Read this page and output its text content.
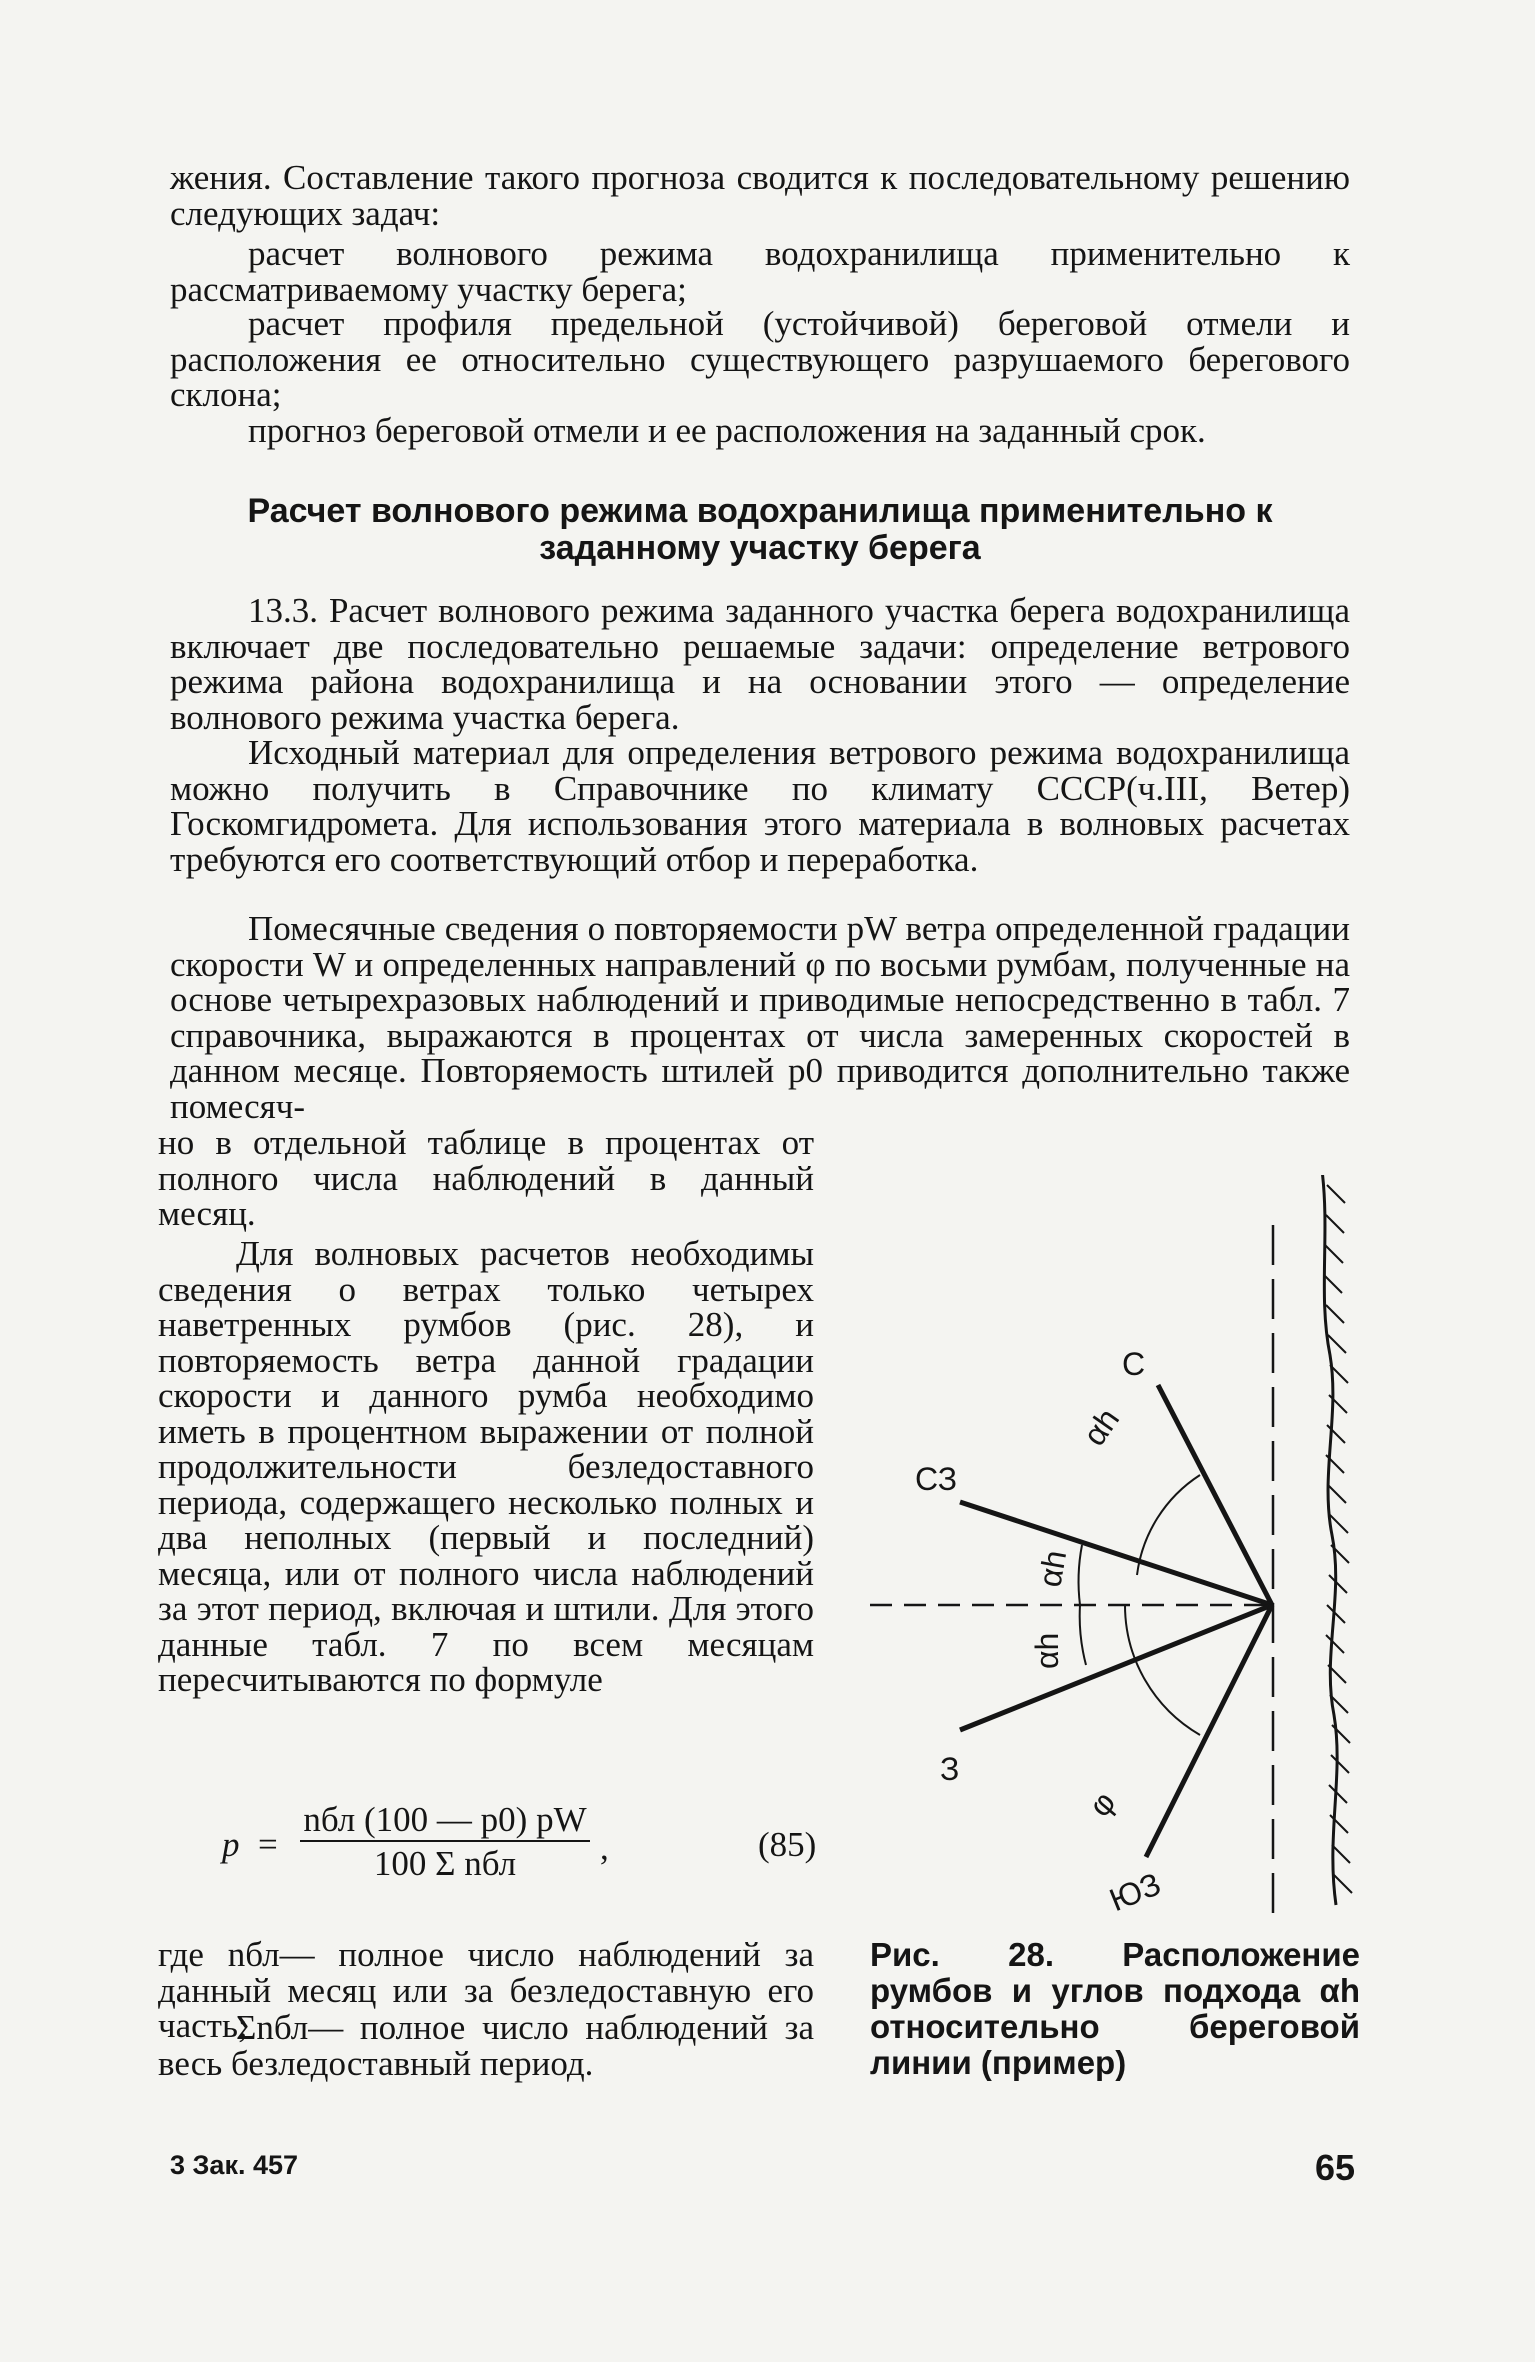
жения. Составление такого прогноза сводится к последовательному решению следующих задач:
расчет волнового режима водохранилища применительно к рассматриваемому участку берега;
расчет профиля предельной (устойчивой) береговой отмели и расположения ее относительно существующего разрушаемого берегового склона;
прогноз береговой отмели и ее расположения на заданный срок.
Расчет волнового режима водохранилища применительно к заданному участку берега
13.3. Расчет волнового режима заданного участка берега водохранилища включает две последовательно решаемые задачи: определение ветрового режима района водохранилища и на основании этого — определение волнового режима участка берега.
Исходный материал для определения ветрового режима водохранилища можно получить в Справочнике по климату СССР(ч.III, Ветер) Госкомгидромета. Для использования этого материала в волновых расчетах требуются его соответствующий отбор и переработка.
Помесячные сведения о повторяемости pW ветра определенной градации скорости W и определенных направлений φ по восьми румбам, полученные на основе четырехразовых наблюдений и приводимые непосредственно в табл. 7 справочника, выражаются в процентах от числа замеренных скоростей в данном месяце. Повторяемость штилей p0 приводится дополнительно также помесяч-
но в отдельной таблице в процентах от полного числа наблюдений в данный месяц.
Для волновых расчетов необходимы сведения о ветрах только четырех наветренных румбов (рис. 28), и повторяемость ветра данной градации скорости и данного румба необходимо иметь в процентном выражении от полной продолжительности безледоставного периода, содержащего несколько полных и два неполных (первый и последний) месяца, или от полного числа наблюдений за этот период, включая и штили. Для этого данные табл. 7 по всем месяцам пересчитываются по формуле
p =
nбл (100 — p0) pW
100 Σ nбл	,	(85)
где nбл— полное число наблюдений за данный месяц или за безледоставную его часть;
Σnбл— полное число наблюдений за весь безледоставный период.
С
СЗ
З
ЮЗ
αh
αh
αh
φ
Рис. 28. Расположение румбов и углов подхода αh относительно береговой линии (пример)
3 Зак. 457	65
